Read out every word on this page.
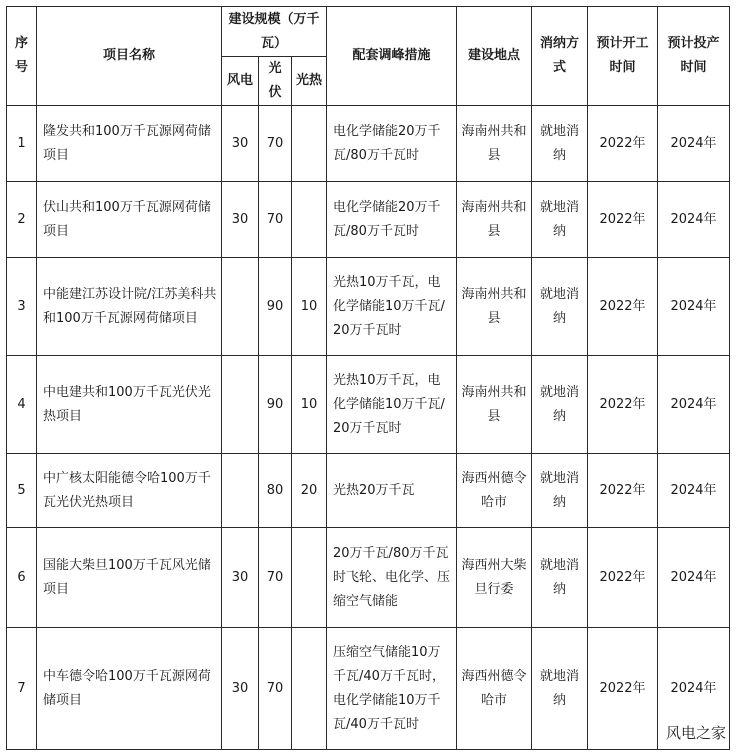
序号	项目名称	建设规模（万千瓦）			配套调峰措施	建设地点	消纳方式	预计开工时间	预计投产时间
		风电	光伏	光热					
1	隆发共和100万千瓦源网荷储项目	30	70		电化学储能20万千瓦/80万千瓦时	海南州共和县	就地消纳	2022年	2024年
2	伏山共和100万千瓦源网荷储项目	30	70		电化学储能20万千瓦/80万千瓦时	海南州共和县	就地消纳	2022年	2024年
3	中能建江苏设计院/江苏美科共和100万千瓦源网荷储项目		90	10	光热10万千瓦，电化学储能10万千瓦/20万千瓦时	海南州共和县	就地消纳	2022年	2024年
4	中电建共和100万千瓦光伏光热项目		90	10	光热10万千瓦，电化学储能10万千瓦/20万千瓦时	海南州共和县	就地消纳	2022年	2024年
5	中广核太阳能德令哈100万千瓦光伏光热项目		80	20	光热20万千瓦	海西州德令哈市	就地消纳	2022年	2024年
6	国能大柴旦100万千瓦风光储项目	30	70		20万千瓦/80万千瓦时飞轮、电化学、压缩空气储能	海西州大柴旦行委	就地消纳	2022年	2024年
7	中车德令哈100万千瓦源网荷储项目	30	70		压缩空气储能10万千瓦/40万千瓦时，电化学储能10万千瓦/40万千瓦时	海西州德令哈市	就地消纳	2022年	2024年
风电之家
